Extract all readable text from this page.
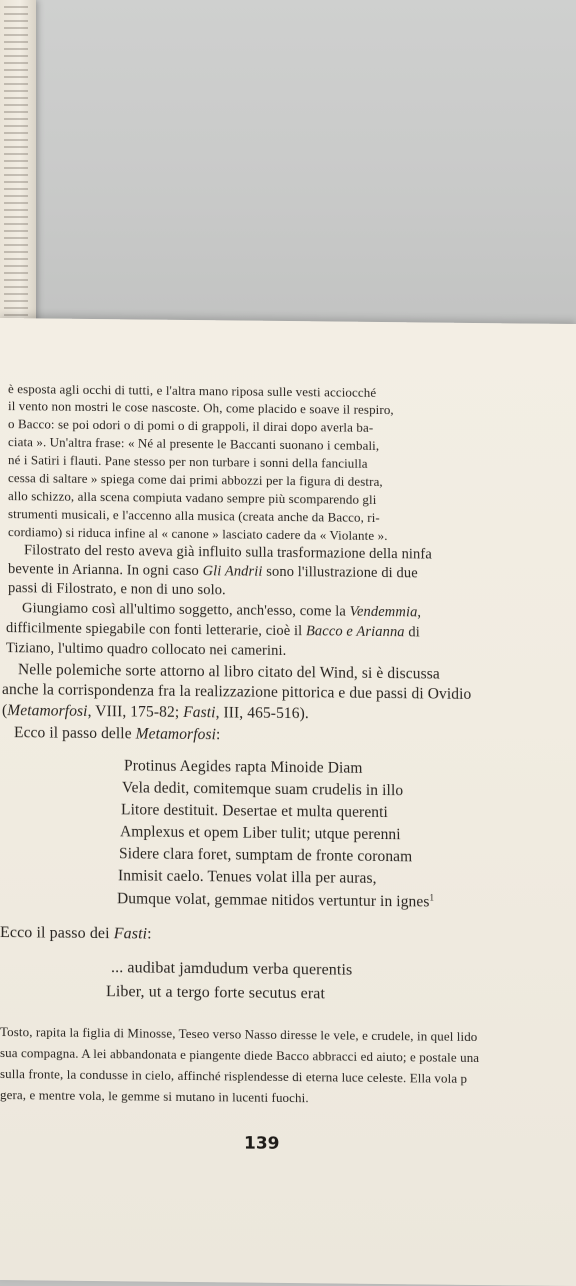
è esposta agli occhi di tutti, e l'altra mano riposa sulle vesti acciocché
il vento non mostri le cose nascoste. Oh, come placido e soave il respiro,
o Bacco: se poi odori o di pomi o di grappoli, il dirai dopo averla ba-
ciata ». Un'altra frase: « Né al presente le Baccanti suonano i cembali,
né i Satiri i flauti. Pane stesso per non turbare i sonni della fanciulla
cessa di saltare » spiega come dai primi abbozzi per la figura di destra,
allo schizzo, alla scena compiuta vadano sempre più scomparendo gli
strumenti musicali, e l'accenno alla musica (creata anche da Bacco, ri-
cordiamo) si riduca infine al « canone » lasciato cadere da « Violante ».
Filostrato del resto aveva già influito sulla trasformazione della ninfa
bevente in Arianna. In ogni caso Gli Andrii sono l'illustrazione di due
passi di Filostrato, e non di uno solo.
Giungiamo così all'ultimo soggetto, anch'esso, come la Vendemmia,
difficilmente spiegabile con fonti letterarie, cioè il Bacco e Arianna di
Tiziano, l'ultimo quadro collocato nei camerini.
Nelle polemiche sorte attorno al libro citato del Wind, si è discussa
anche la corrispondenza fra la realizzazione pittorica e due passi di Ovidio
(Metamorfosi, VIII, 175-82; Fasti, III, 465-516).
Ecco il passo delle Metamorfosi:
Protinus Aegides rapta Minoide Diam
Vela dedit, comitemque suam crudelis in illo
Litore destituit. Desertae et multa querenti
Amplexus et opem Liber tulit; utque perenni
Sidere clara foret, sumptam de fronte coronam
Inmisit caelo. Tenues volat illa per auras,
Dumque volat, gemmae nitidos vertuntur in ignes$^1$
Ecco il passo dei Fasti:
... audibat jamdudum verba querentis
Liber, ut a tergo forte secutus erat
Tosto, rapita la figlia di Minosse, Teseo verso Nasso diresse le vele, e crudele, in quel lido
sua compagna. A lei abbandonata e piangente diede Bacco abbracci ed aiuto; e postale una
sulla fronte, la condusse in cielo, affinché risplendesse di eterna luce celeste. Ella vola p
gera, e mentre vola, le gemme si mutano in lucenti fuochi.
139
